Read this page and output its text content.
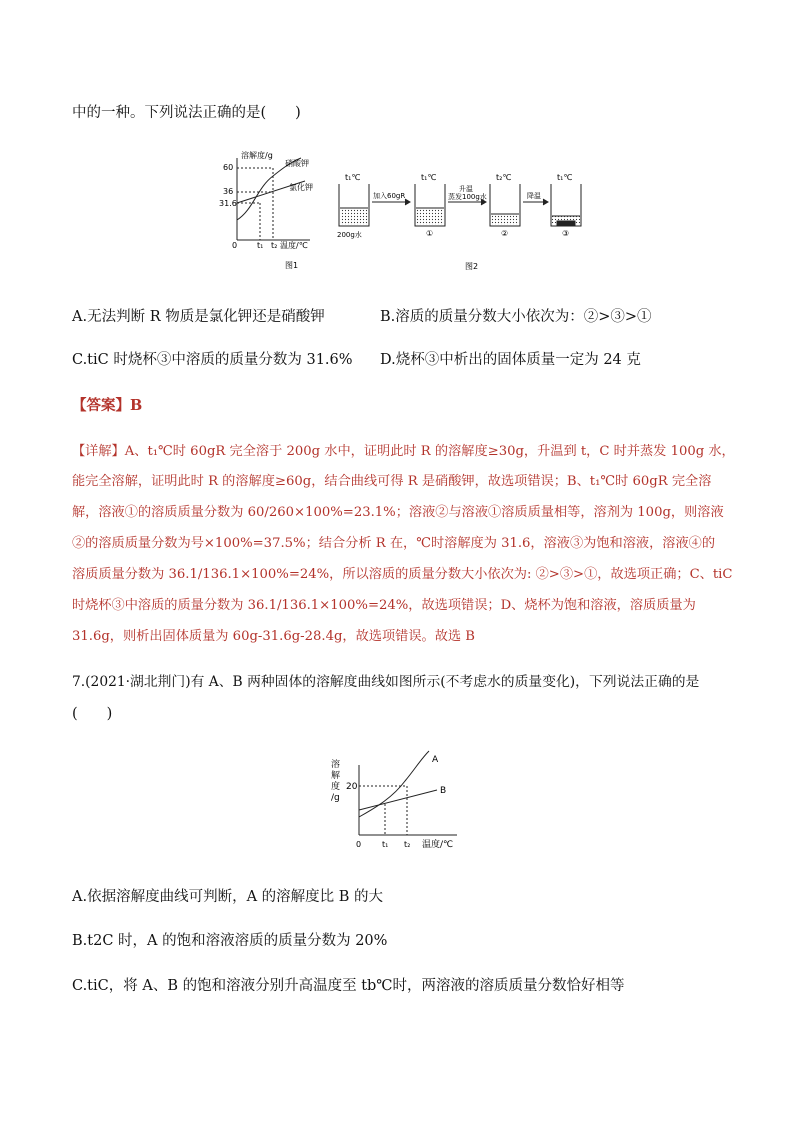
中的一种。下列说法正确的是(　　)
溶解度/g
60
36
31.6
0 t₁ t₂ 温度/℃
硝酸钾
氯化钾
图1
t₁℃	t₁℃	t₂℃	t₁℃
200g水
加入60gR
升温
蒸发100g水	降温
①	②	③
图2
A.无法判断 R 物质是氯化钾还是硝酸钾	B.溶质的质量分数大小依次为：②>③>①
C.tiC 时烧杯③中溶质的质量分数为 31.6% D.烧杯③中析出的固体质量一定为 24 克
【答案】B
【详解】A、t₁℃时 60gR 完全溶于 200g 水中，证明此时 R 的溶解度≥30g，升温到 t，C 时并蒸发 100g 水，
能完全溶解，证明此时 R 的溶解度≥60g，结合曲线可得 R 是硝酸钾，故选项错误；B、t₁℃时 60gR 完全溶
解，溶液①的溶质质量分数为 60/260×100%=23.1%；溶液②与溶液①溶质质量相等，溶剂为 100g，则溶液
②的溶质质量分数为号×100%=37.5%；结合分析 R 在，℃时溶解度为 31.6，溶液③为饱和溶液，溶液④的
溶质质量分数为 36.1/136.1×100%=24%，所以溶质的质量分数大小依次为: ②>③>①，故选项正确；C、tiC
时烧杯③中溶质的质量分数为 36.1/136.1×100%=24%，故选项错误；D、烧杯为饱和溶液，溶质质量为
31.6g，则析出固体质量为 60g-31.6g-28.4g，故选项错误。故选 B
7.(2021·湖北荆门)有 A、B 两种固体的溶解度曲线如图所示(不考虑水的质量变化)，下列说法正确的是
(　　)
溶
解
度
/g
20
0	t₁ t₂ 温度/℃
A
B
A.依据溶解度曲线可判断，A 的溶解度比 B 的大
B.t2C 时，A 的饱和溶液溶质的质量分数为 20%
C.tiC，将 A、B 的饱和溶液分别升高温度至 tb℃时，两溶液的溶质质量分数恰好相等
